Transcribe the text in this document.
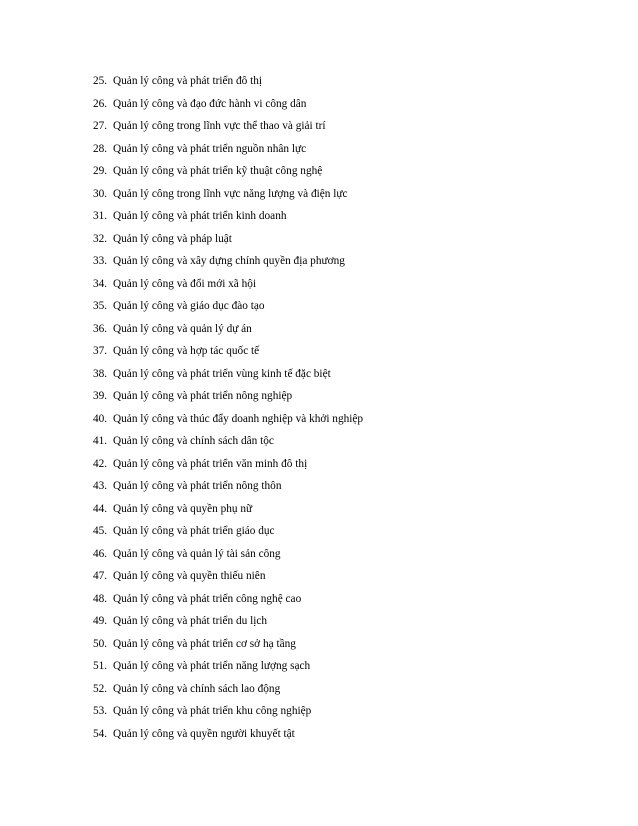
25. Quản lý công và phát triển đô thị
26. Quản lý công và đạo đức hành vi công dân
27. Quản lý công trong lĩnh vực thể thao và giải trí
28. Quản lý công và phát triển nguồn nhân lực
29. Quản lý công và phát triển kỹ thuật công nghệ
30. Quản lý công trong lĩnh vực năng lượng và điện lực
31. Quản lý công và phát triển kinh doanh
32. Quản lý công và pháp luật
33. Quản lý công và xây dựng chính quyền địa phương
34. Quản lý công và đổi mới xã hội
35. Quản lý công và giáo dục đào tạo
36. Quản lý công và quản lý dự án
37. Quản lý công và hợp tác quốc tế
38. Quản lý công và phát triển vùng kinh tế đặc biệt
39. Quản lý công và phát triển nông nghiệp
40. Quản lý công và thúc đẩy doanh nghiệp và khởi nghiệp
41. Quản lý công và chính sách dân tộc
42. Quản lý công và phát triển văn minh đô thị
43. Quản lý công và phát triển nông thôn
44. Quản lý công và quyền phụ nữ
45. Quản lý công và phát triển giáo dục
46. Quản lý công và quản lý tài sản công
47. Quản lý công và quyền thiếu niên
48. Quản lý công và phát triển công nghệ cao
49. Quản lý công và phát triển du lịch
50. Quản lý công và phát triển cơ sở hạ tầng
51. Quản lý công và phát triển năng lượng sạch
52. Quản lý công và chính sách lao động
53. Quản lý công và phát triển khu công nghiệp
54. Quản lý công và quyền người khuyết tật
